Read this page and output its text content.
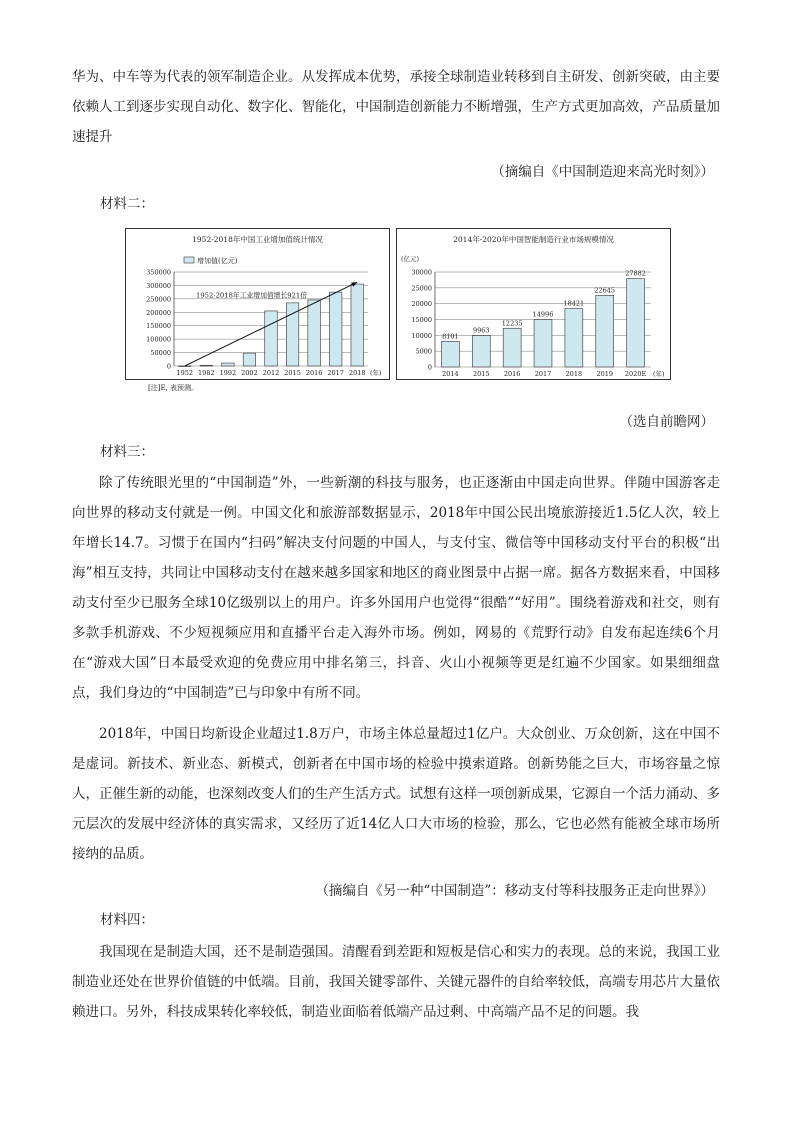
华为、中车等为代表的领军制造企业。从发挥成本优势，承接全球制造业转移到自主研发、创新突破，由主要依赖人工到逐步实现自动化、数字化、智能化，中国制造创新能力不断增强，生产方式更加高效，产品质量加速提升

（摘编自《中国制造迎来高光时刻》）
材料二：
1952-2018年中国工业增加值统计情况
0
50000
100000
150000
200000
250000
300000
350000
1952 1982 1992 2002 2012 2015 2016 2017 2018 (年)
增加值(亿元)
1952-2018年工业增加值增长921倍
2014年-2020年中国智能制造行业市场规模情况
0
5000
10000
15000
20000
25000
30000
2014
8101
2015
9963
2016
12235
2017
14996
2018
18421
2019
22645
2020E
27882
(年)
(亿元)
[注]E, 表预测。
（选自前瞻网）
材料三：

除了传统眼光里的“中国制造”外，一些新潮的科技与服务，也正逐渐由中国走向世界。伴随中国游客走向世界的移动支付就是一例。中国文化和旅游部数据显示，2018年中国公民出境旅游接近1.5亿人次，较上年增长14.7。习惯于在国内“扫码”解决支付问题的中国人，与支付宝、微信等中国移动支付平台的积极“出海”相互支持，共同让中国移动支付在越来越多国家和地区的商业图景中占据一席。据各方数据来看，中国移动支付至少已服务全球10亿级别以上的用户。许多外国用户也觉得“很酷”“好用”。围绕着游戏和社交，则有多款手机游戏、不少短视频应用和直播平台走入海外市场。例如，网易的《荒野行动》自发布起连续6个月在“游戏大国”日本最受欢迎的免费应用中排名第三，抖音、火山小视频等更是红遍不少国家。如果细细盘点，我们身边的“中国制造”已与印象中有所不同。

2018年，中国日均新设企业超过1.8万户，市场主体总量超过1亿户。大众创业、万众创新，这在中国不是虚词。新技术、新业态、新模式，创新者在中国市场的检验中摸索道路。创新势能之巨大，市场容量之惊人，正催生新的动能，也深刻改变人们的生产生活方式。试想有这样一项创新成果，它源自一个活力涌动、多元层次的发展中经济体的真实需求，又经历了近14亿人口大市场的检验，那么，它也必然有能被全球市场所接纳的品质。

（摘编自《另一种“中国制造”：移动支付等科技服务正走向世界》）
材料四：

我国现在是制造大国，还不是制造强国。清醒看到差距和短板是信心和实力的表现。总的来说，我国工业制造业还处在世界价值链的中低端。目前，我国关键零部件、关键元器件的自给率较低，高端专用芯片大量依赖进口。另外，科技成果转化率较低，制造业面临着低端产品过剩、中高端产品不足的问题。我
